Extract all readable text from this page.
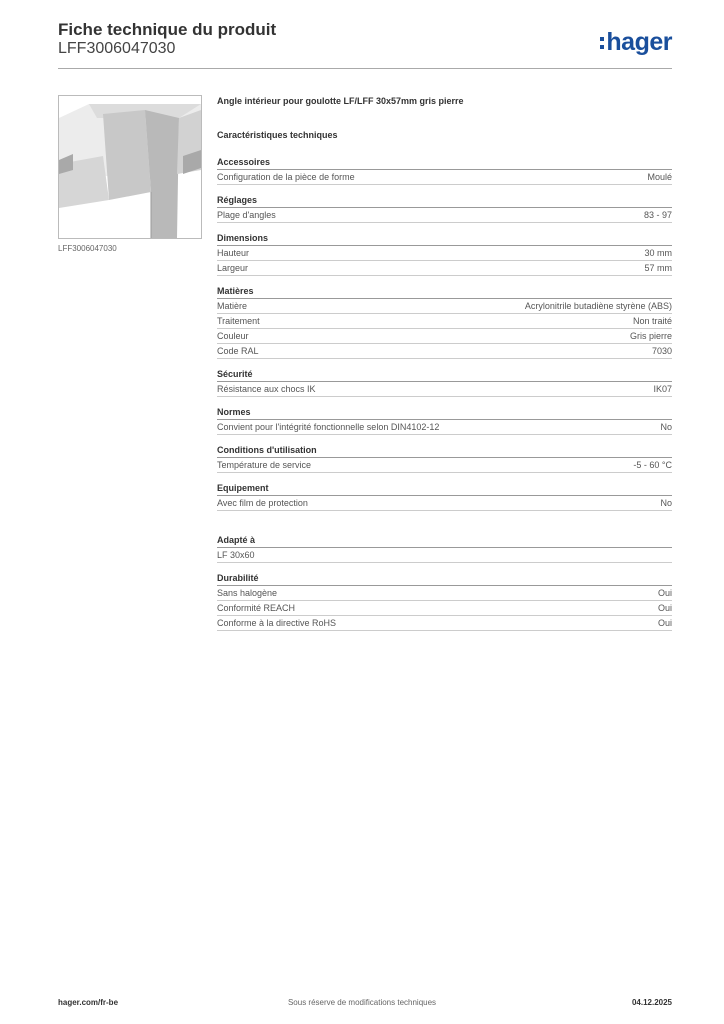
Fiche technique du produit
LFF3006047030	hager
LFF3006047030
Angle intérieur pour goulotte LF/LFF 30x57mm gris pierre
Caractéristiques techniques
Accessoires
Configuration de la pièce de forme	Moulé
Réglages
Plage d'angles	83 - 97
Dimensions
Hauteur	30 mm
Largeur	57 mm
Matières
Matière	Acrylonitrile butadiène styrène (ABS)
Traitement	Non traité
Couleur	Gris pierre
Code RAL	7030
Sécurité
Résistance aux chocs IK	IK07
Normes
Convient pour l'intégrité fonctionnelle selon DIN4102-12	No
Conditions d'utilisation
Température de service	-5 - 60 °C
Equipement
Avec film de protection	No
Adapté à
LF 30x60
Durabilité
Sans halogène	Oui
Conformité REACH	Oui
Conforme à la directive RoHS	Oui
hager.com/fr-be	Sous réserve de modifications techniques	04.12.2025
